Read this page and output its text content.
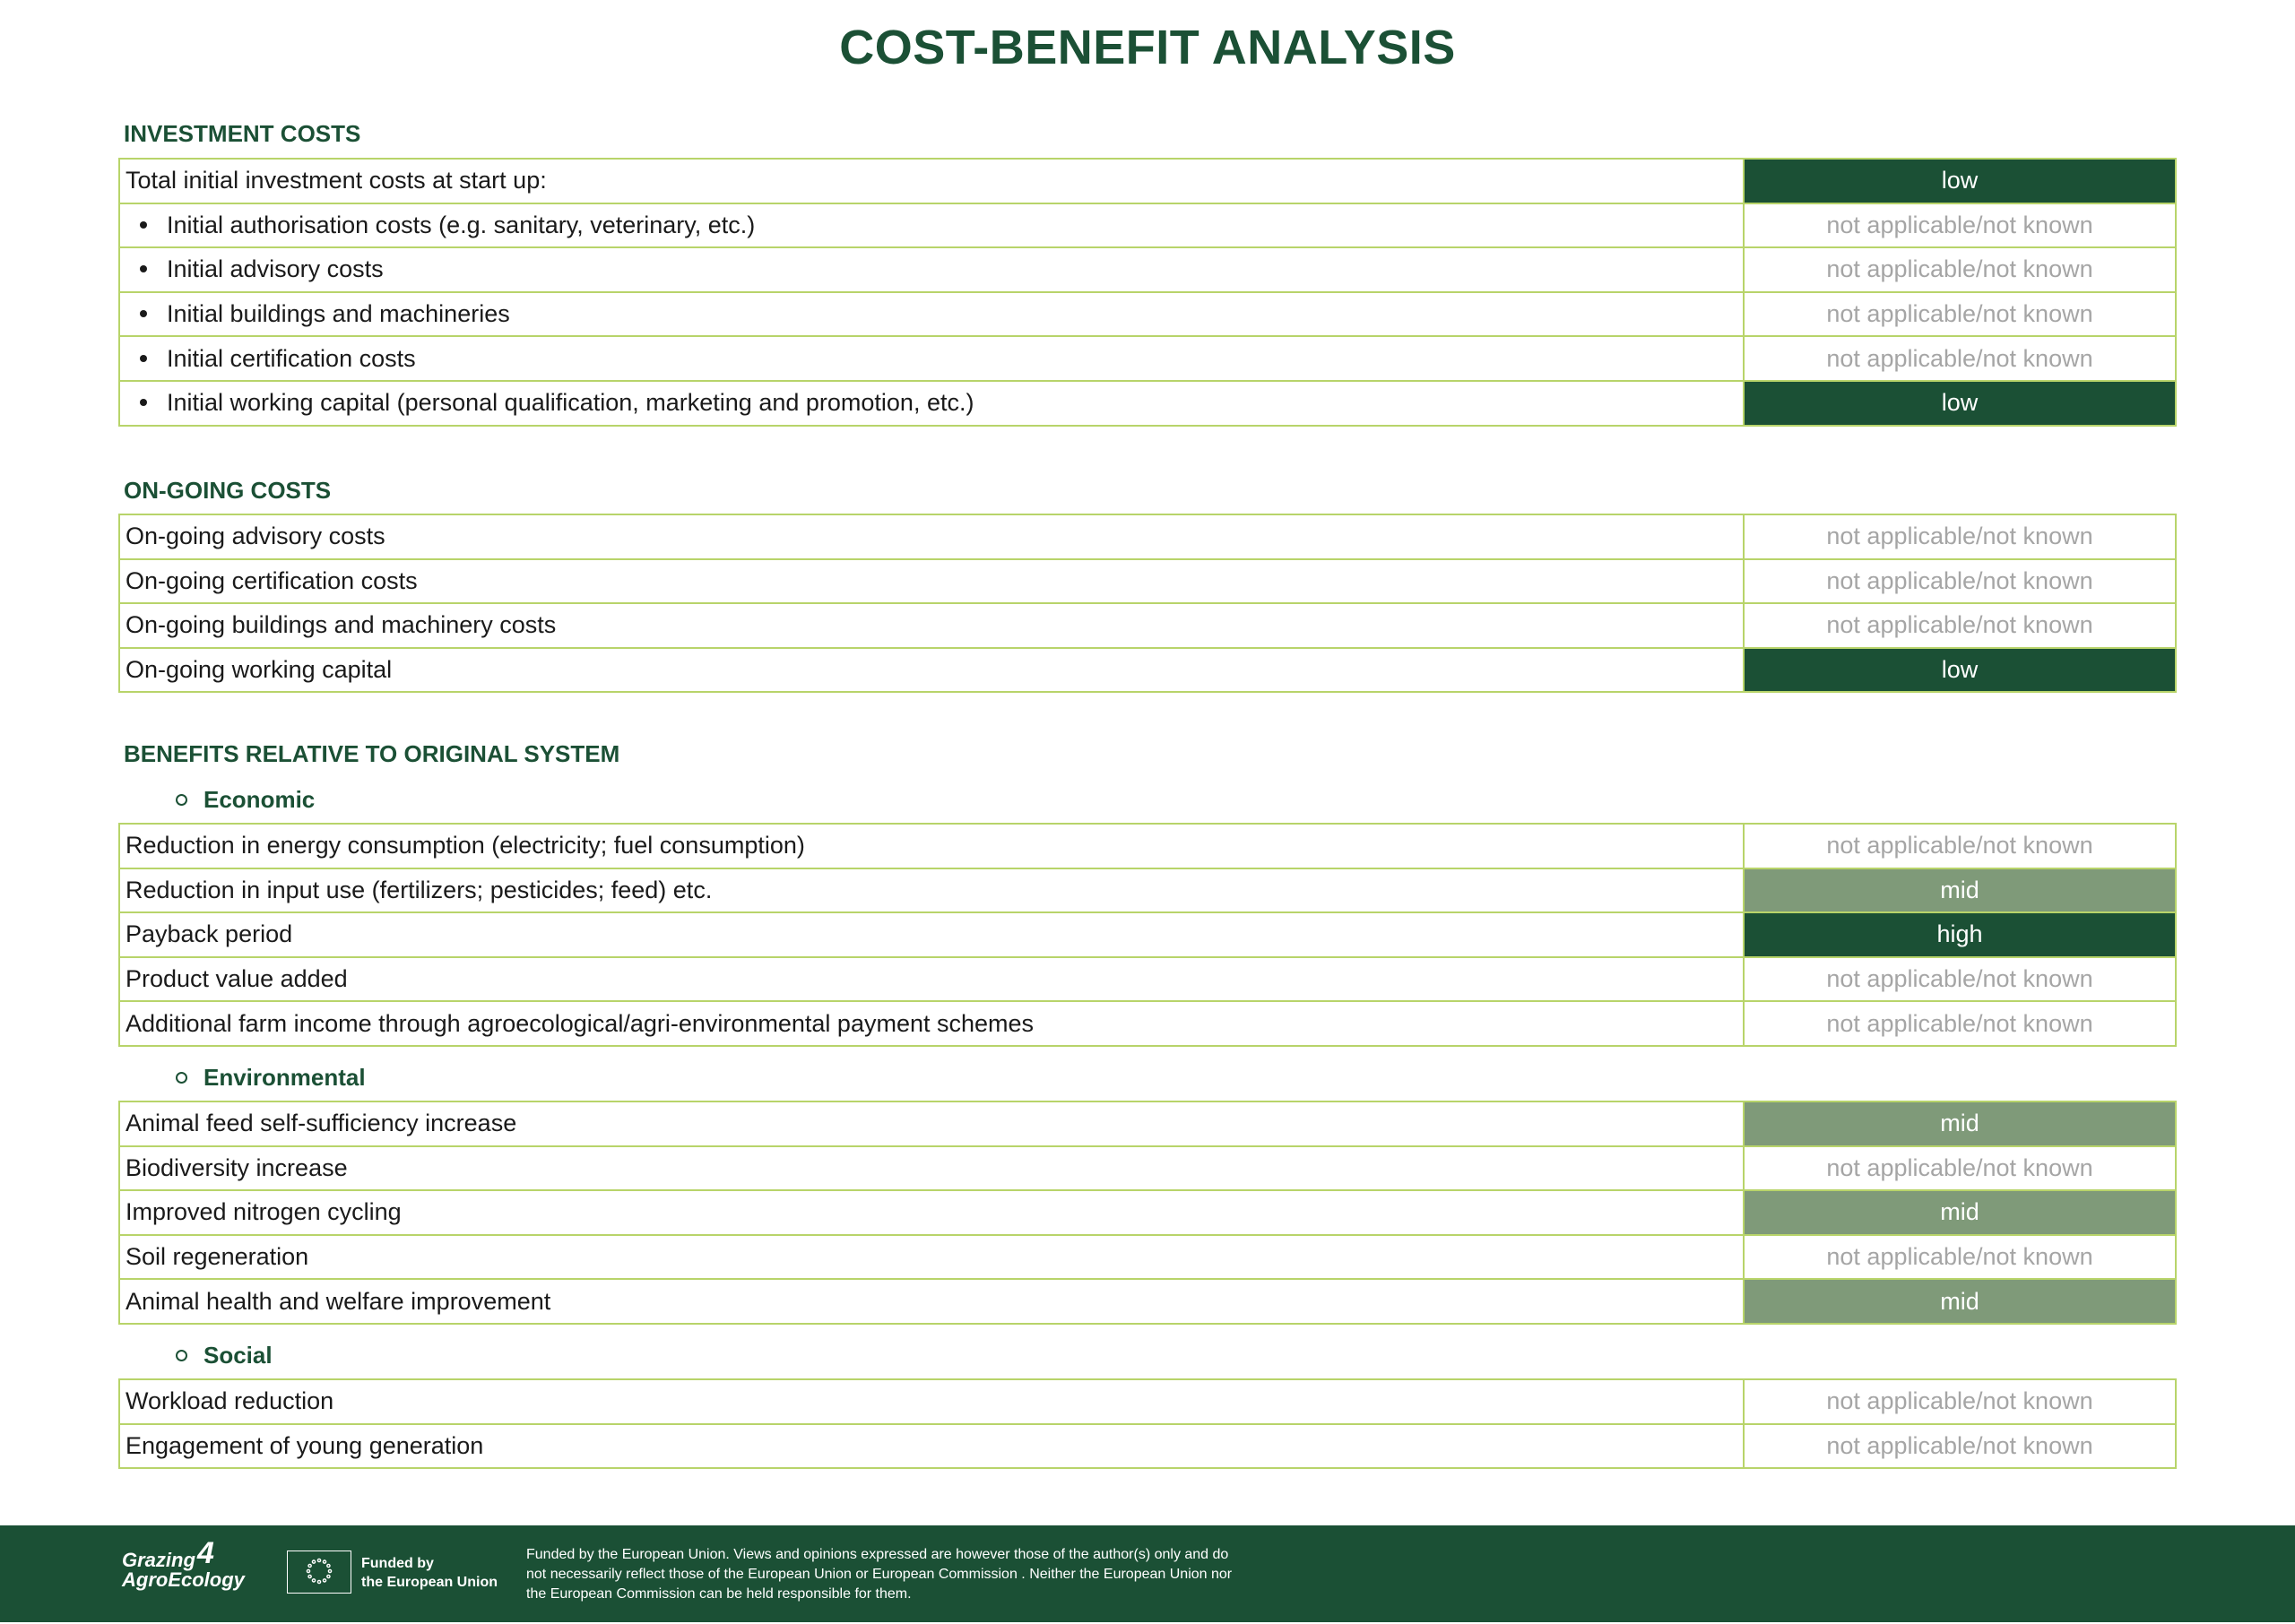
COST-BENEFIT ANALYSIS
INVESTMENT COSTS
Total initial investment costs at start up:	low
Initial authorisation costs (e.g. sanitary, veterinary, etc.)	not applicable/not known
Initial advisory costs	not applicable/not known
Initial buildings and machineries	not applicable/not known
Initial certification costs	not applicable/not known
Initial working capital (personal qualification, marketing and promotion, etc.)	low
ON-GOING COSTS
On-going advisory costs	not applicable/not known
On-going certification costs	not applicable/not known
On-going buildings and machinery costs	not applicable/not known
On-going working capital	low
BENEFITS RELATIVE TO ORIGINAL SYSTEM
Economic
Reduction in energy consumption (electricity; fuel consumption)	not applicable/not known
Reduction in input use (fertilizers; pesticides; feed) etc.	mid
Payback period	high
Product value added	not applicable/not known
Additional farm income through agroecological/agri-environmental payment schemes	not applicable/not known
Environmental
Animal feed self-sufficiency increase	mid
Biodiversity increase	not applicable/not known
Improved nitrogen cycling	mid
Soil regeneration	not applicable/not known
Animal health and welfare improvement	mid
Social
Workload reduction	not applicable/not known
Engagement of young generation	not applicable/not known
Grazing
AgroEcology
4	Funded by
the European Union
Funded by the European Union. Views and opinions expressed are however those of the author(s) only and do not necessarily reflect those of the European Union or European Commission . Neither the European Union nor the European Commission can be held responsible for them.
